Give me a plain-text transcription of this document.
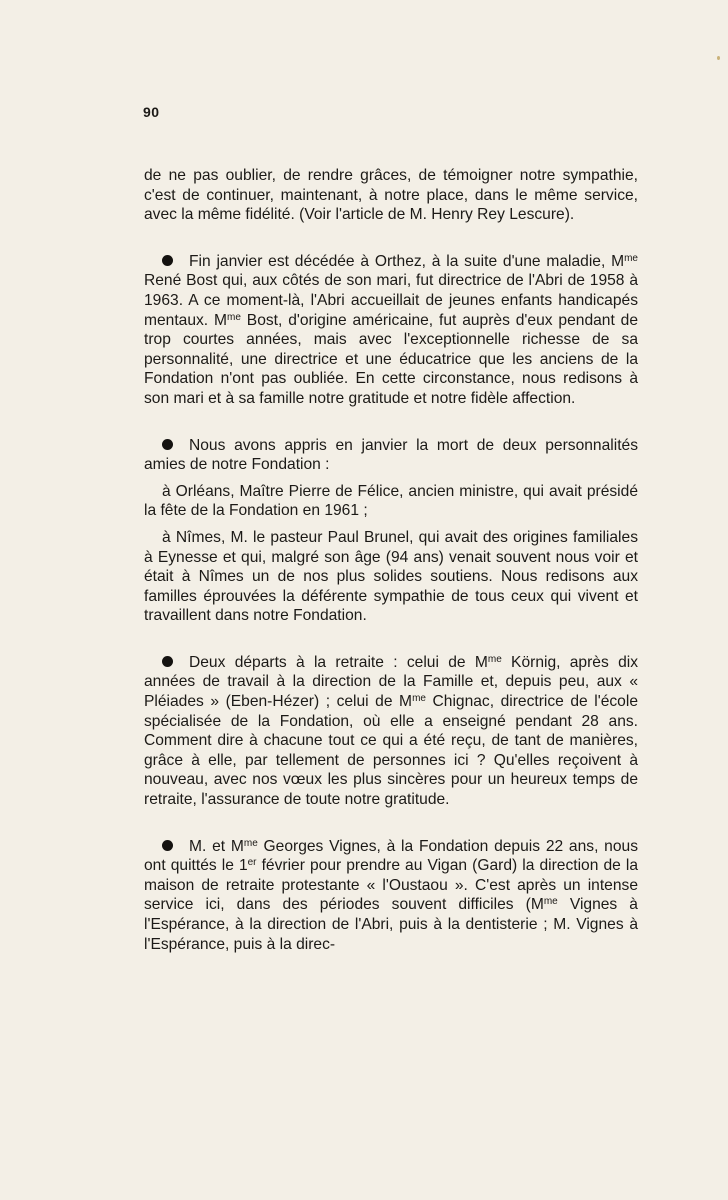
90

de ne pas oublier, de rendre grâces, de témoigner notre sympathie, c'est de continuer, maintenant, à notre place, dans le même service, avec la même fidélité. (Voir l'article de M. Henry Rey Lescure).

Fin janvier est décédée à Orthez, à la suite d'une maladie, $M^{me}$ René Bost qui, aux côtés de son mari, fut directrice de l'Abri de 1958 à 1963. A ce moment-là, l'Abri accueillait de jeunes enfants handicapés mentaux. $M^{me}$ Bost, d'origine américaine, fut auprès d'eux pendant de trop courtes années, mais avec l'exceptionnelle richesse de sa personnalité, une directrice et une éducatrice que les anciens de la Fondation n'ont pas oubliée. En cette circonstance, nous redisons à son mari et à sa famille notre gratitude et notre fidèle affection.

Nous avons appris en janvier la mort de deux personnalités amies de notre Fondation :

à Orléans, Maître Pierre de Félice, ancien ministre, qui avait présidé la fête de la Fondation en 1961 ;

à Nîmes, M. le pasteur Paul Brunel, qui avait des origines familiales à Eynesse et qui, malgré son âge (94 ans) venait souvent nous voir et était à Nîmes un de nos plus solides soutiens. Nous redisons aux familles éprouvées la déférente sympathie de tous ceux qui vivent et travaillent dans notre Fondation.

Deux départs à la retraite : celui de $M^{me}$ Körnig, après dix années de travail à la direction de la Famille et, depuis peu, aux « Pléiades » (Eben-Hézer) ; celui de $M^{me}$ Chignac, directrice de l'école spécialisée de la Fondation, où elle a enseigné pendant 28 ans. Comment dire à chacune tout ce qui a été reçu, de tant de manières, grâce à elle, par tellement de personnes ici ? Qu'elles reçoivent à nouveau, avec nos vœux les plus sincères pour un heureux temps de retraite, l'assurance de toute notre gratitude.

M. et $M^{me}$ Georges Vignes, à la Fondation depuis 22 ans, nous ont quittés le 1er février pour prendre au Vigan (Gard) la direction de la maison de retraite protestante « l'Oustaou ». C'est après un intense service ici, dans des périodes souvent difficiles ($M^{me}$ Vignes à l'Espérance, à la direction de l'Abri, puis à la dentisterie ; M. Vignes à l'Espérance, puis à la direc-
